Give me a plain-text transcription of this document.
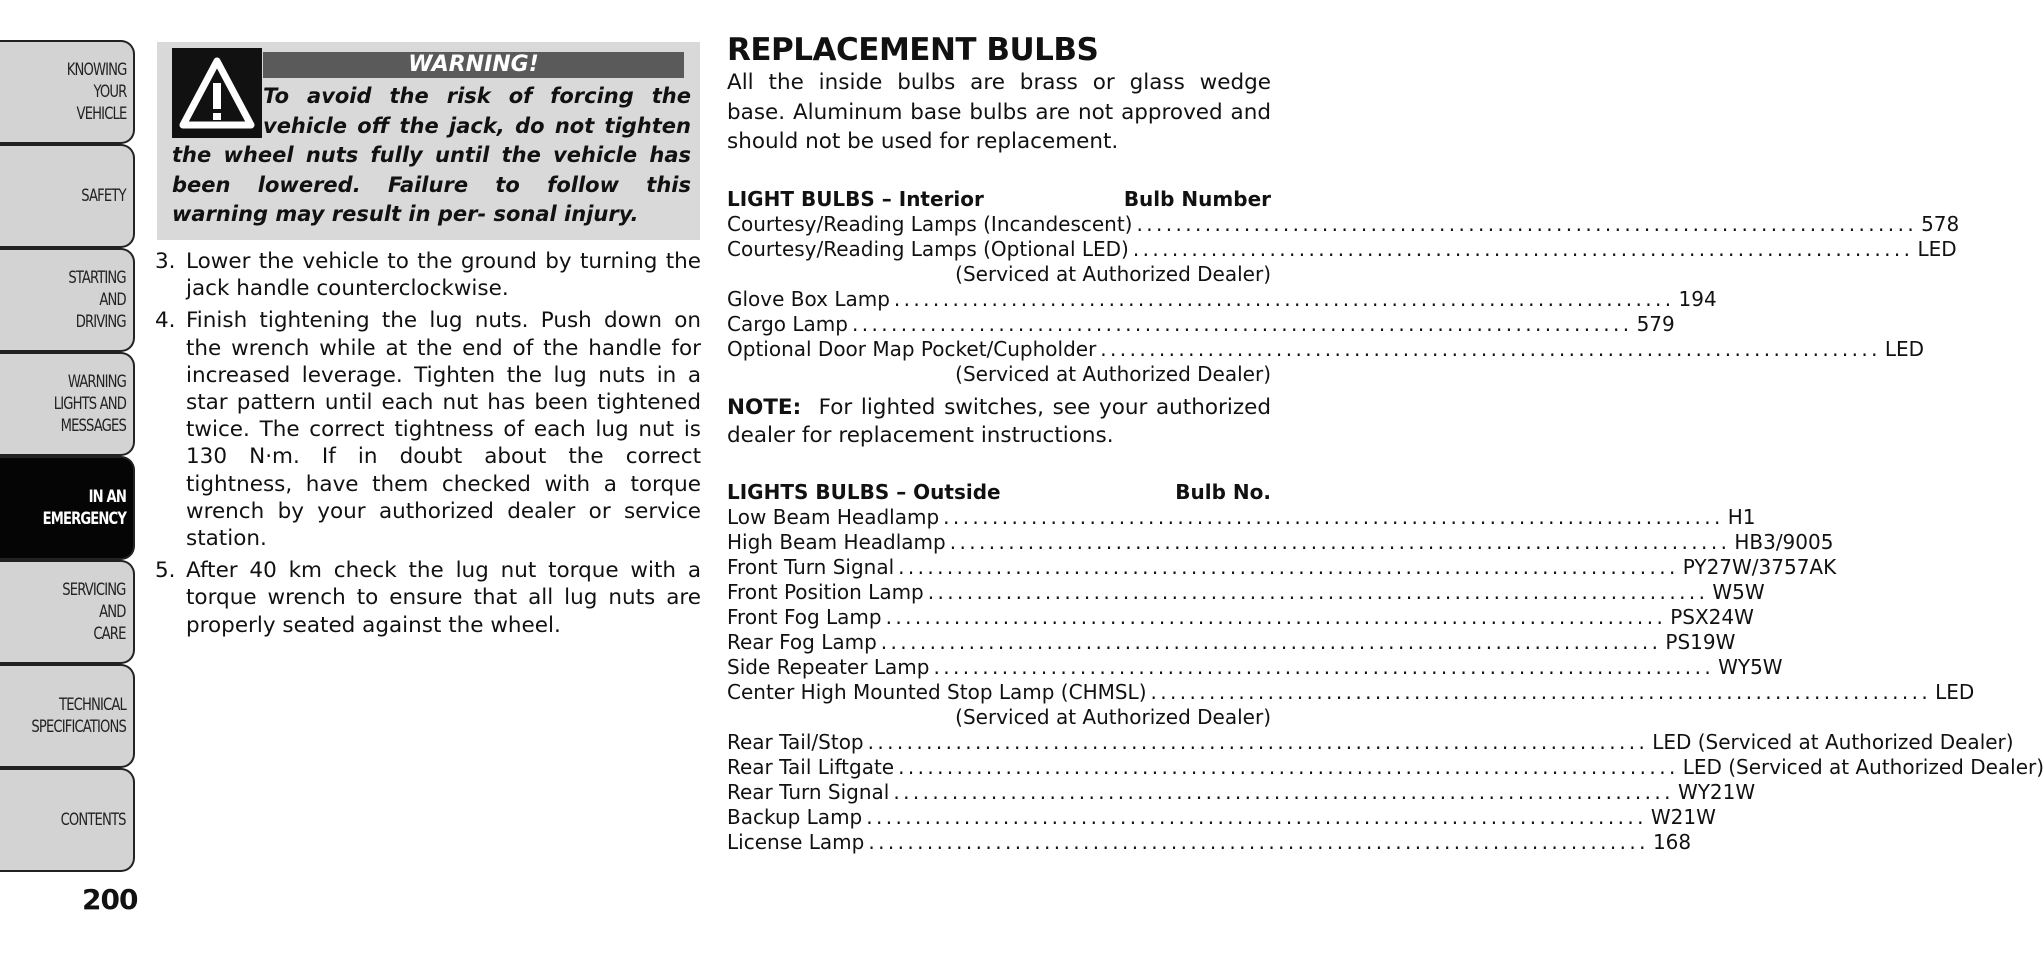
KNOWING
YOUR
VEHICLE
SAFETY
STARTING
AND
DRIVING
WARNING
LIGHTS AND
MESSAGES
IN AN
EMERGENCY
SERVICING
AND
CARE
TECHNICAL
SPECIFICATIONS
CONTENTS
200
WARNING!
To avoid the risk of forcing the vehicle off the jack, do not tighten the wheel nuts fully until the vehicle has been lowered. Failure to follow this warning may result in per- sonal injury.
3. Lower the vehicle to the ground by turning the jack handle counterclockwise.
4. Finish tightening the lug nuts. Push down on the wrench while at the end of the handle for increased leverage. Tighten the lug nuts in a star pattern until each nut has been tightened twice. The correct tightness of each lug nut is 130 N·m. If in doubt about the correct tightness, have them checked with a torque wrench by your authorized dealer or service station.
5. After 40 km check the lug nut torque with a torque wrench to ensure that all lug nuts are properly seated against the wheel.
REPLACEMENT BULBS
All the inside bulbs are brass or glass wedge base. Aluminum base bulbs are not approved and should not be used for replacement.
LIGHT BULBS – Interior	Bulb Number
Courtesy/Reading Lamps (Incandescent) ................................................................................ 578
Courtesy/Reading Lamps (Optional LED) ................................................................................ LED
(Serviced at Authorized Dealer)
Glove Box Lamp ................................................................................ 194
Cargo Lamp ................................................................................ 579
Optional Door Map Pocket/Cupholder ................................................................................ LED
(Serviced at Authorized Dealer)
NOTE: For lighted switches, see your authorized dealer for replacement instructions.
LIGHTS BULBS – Outside	Bulb No.
Low Beam Headlamp ................................................................................ H1
High Beam Headlamp ................................................................................ HB3/9005
Front Turn Signal ................................................................................ PY27W/3757AK
Front Position Lamp ................................................................................ W5W
Front Fog Lamp ................................................................................ PSX24W
Rear Fog Lamp ................................................................................ PS19W
Side Repeater Lamp ................................................................................ WY5W
Center High Mounted Stop Lamp (CHMSL) ................................................................................ LED
(Serviced at Authorized Dealer)
Rear Tail/Stop ................................................................................ LED (Serviced at Authorized Dealer)
Rear Tail Liftgate ................................................................................ LED (Serviced at Authorized Dealer)
Rear Turn Signal ................................................................................ WY21W
Backup Lamp ................................................................................ W21W
License Lamp ................................................................................ 168
